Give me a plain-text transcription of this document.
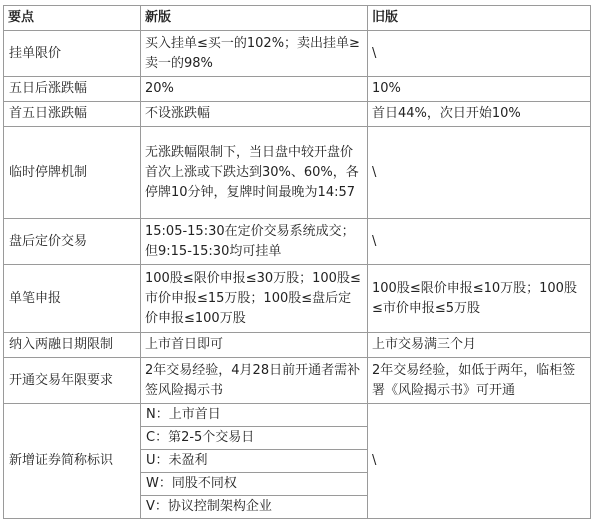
要点	新版	旧版
挂单限价	买入挂单≤买一的102%；卖出挂单≥卖一的98%	\
五日后涨跌幅	20%	10%
首五日涨跌幅	不设涨跌幅	首日44%，次日开始10%
临时停牌机制	无涨跌幅限制下，当日盘中较开盘价首次上涨或下跌达到30%、60%，各停牌10分钟，复牌时间最晚为14:57	\
盘后定价交易	15:05-15:30在定价交易系统成交；但9:15-15:30均可挂单	\
单笔申报	100股≤限价申报≤30万股；100股≤市价申报≤15万股；100股≤盘后定价申报≤100万股	100股≤限价申报≤10万股；100股≤市价申报≤5万股
纳入两融日期限制	上市首日即可	上市交易满三个月
开通交易年限要求	2年交易经验，4月28日前开通者需补签风险揭示书	2年交易经验，如低于两年，临柜签署《风险揭示书》可开通
新增证券简称标识	N：上市首日
C：第2-5个交易日
U：未盈利
W：同股不同权
V：协议控制架构企业	\
